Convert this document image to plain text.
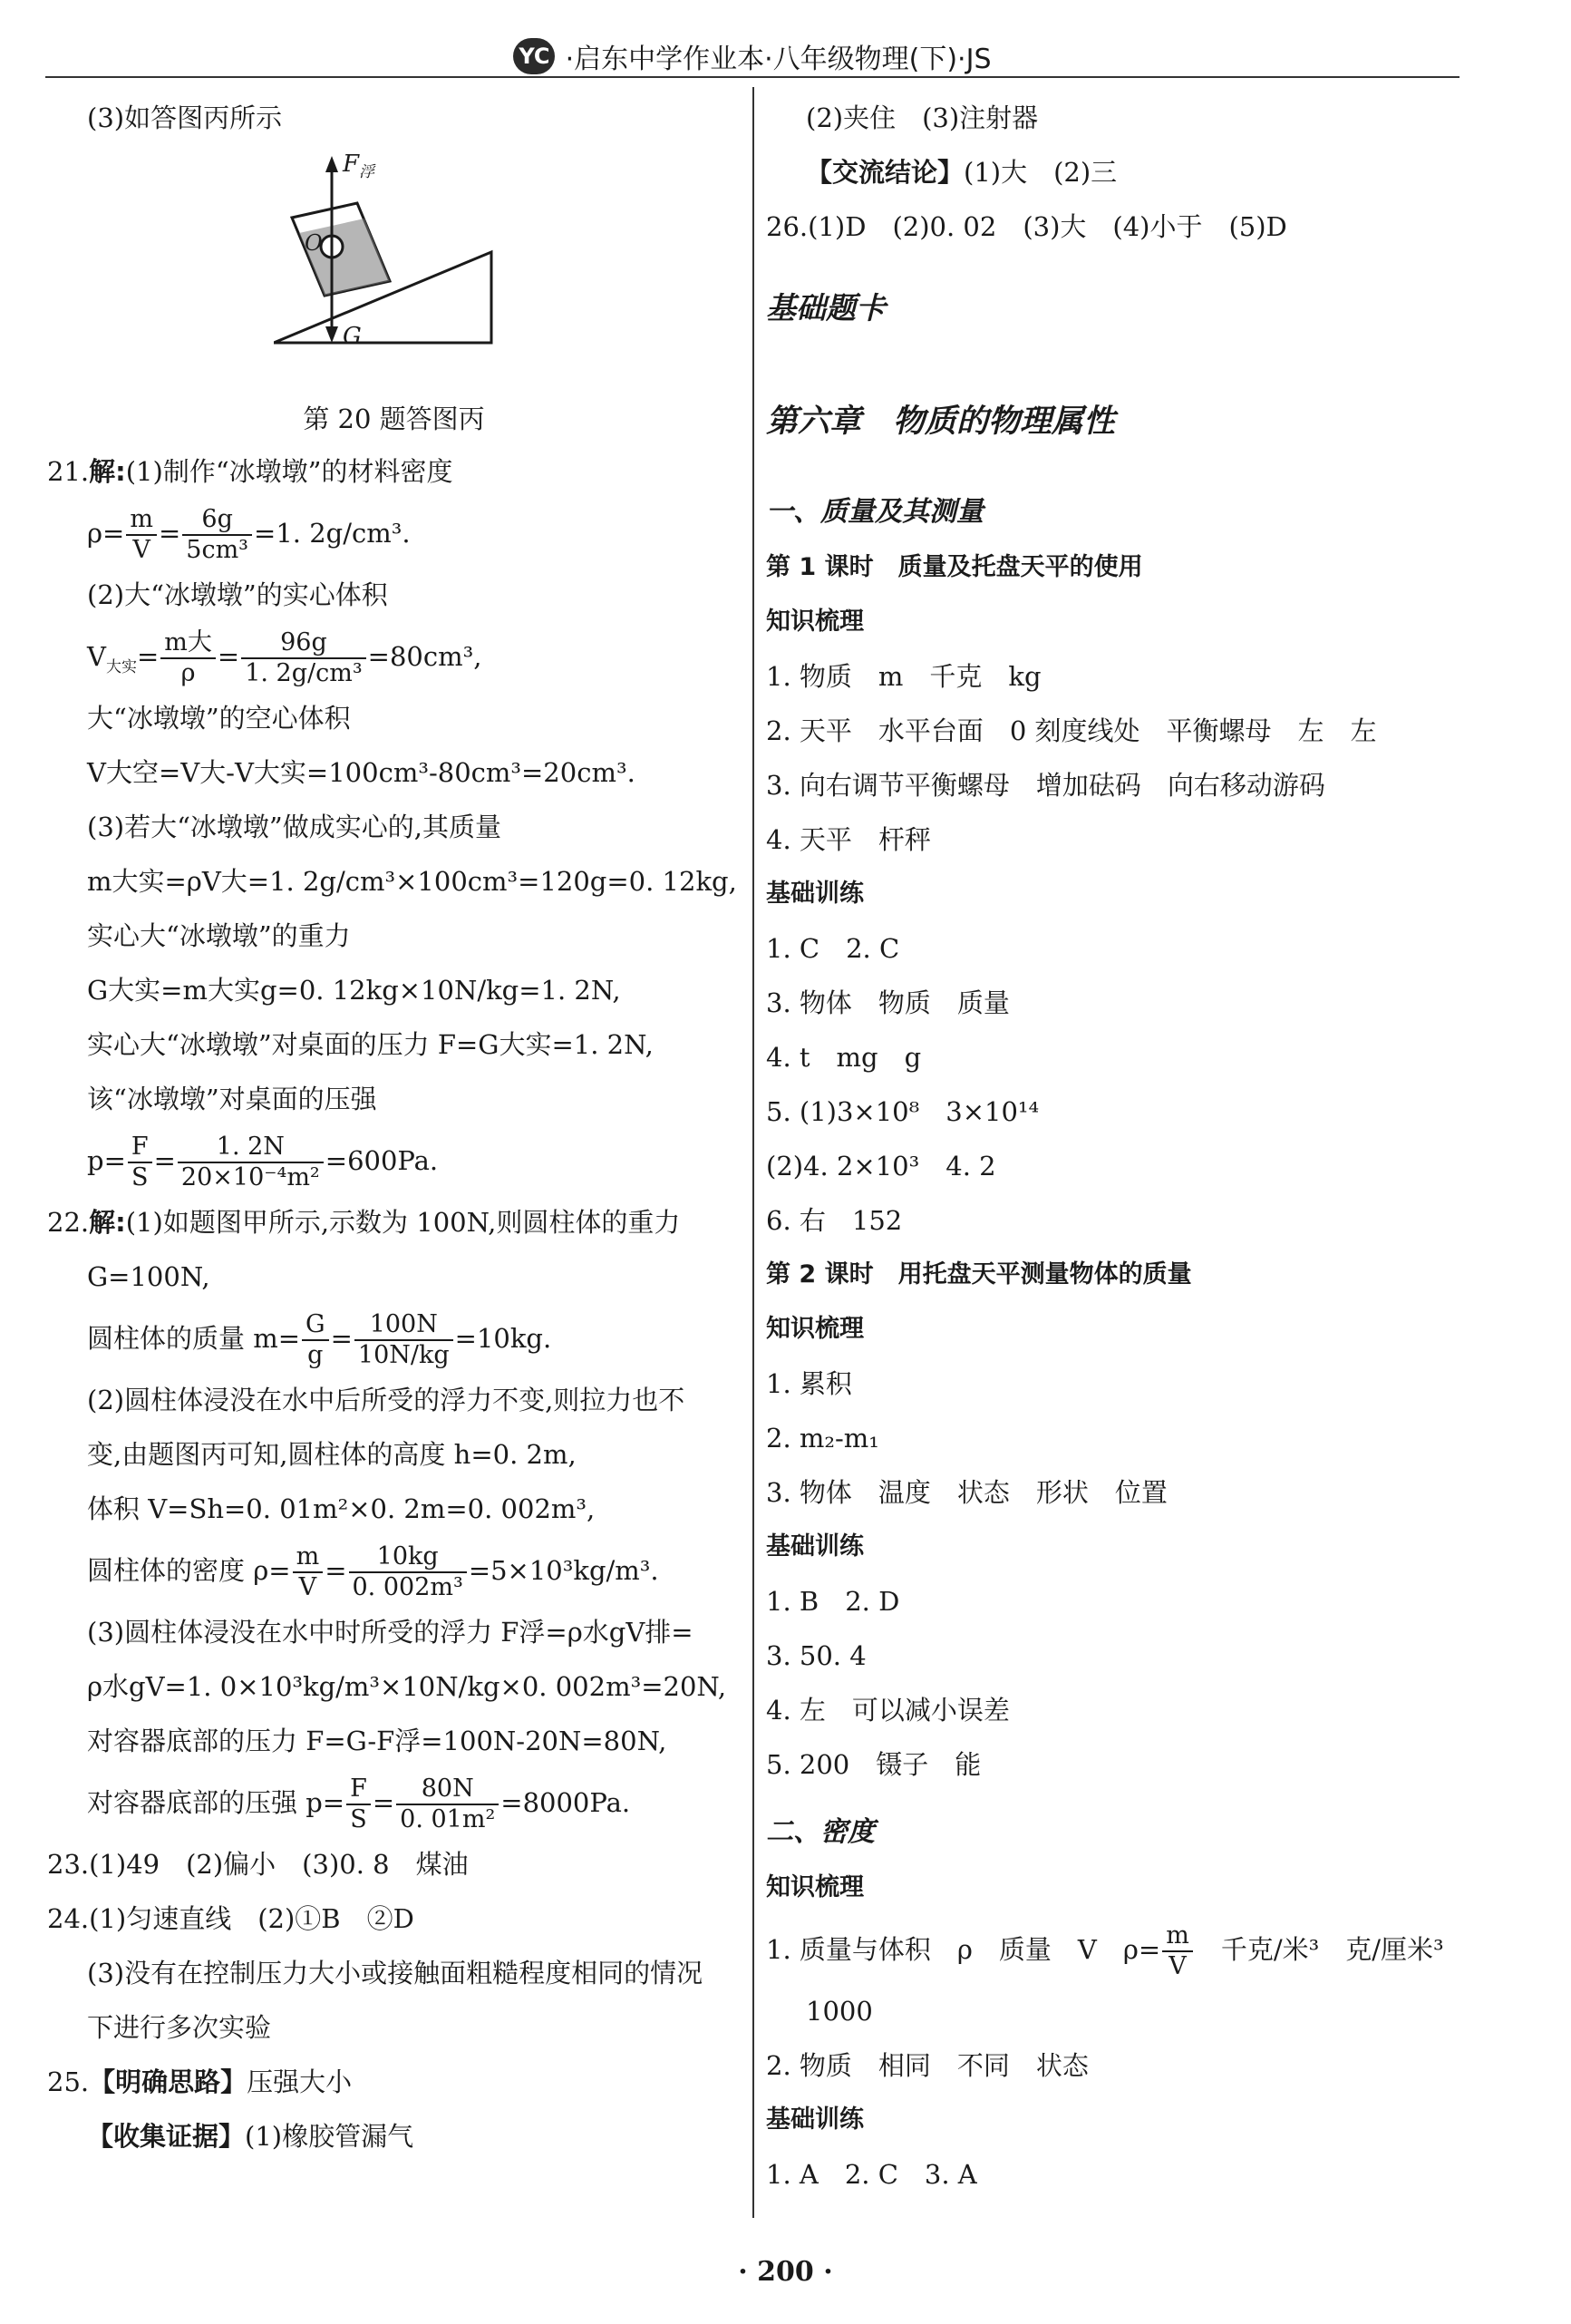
YC ·启东中学作业本·八年级物理(下)·JS
(3)如答图丙所示
$F_浮$
O
G
第 20 题答图丙
21.解:(1)制作“冰墩墩”的材料密度
$\rho= \frac{m}{V} = \frac{6g}{\text{5cm³}} =1$. 2g/cm³.
(2)大“冰墩墩”的实心体积
$V_{大实}= \frac{\text{m大}}{\rho} = \frac{96g}{\text{1. 2g/cm³}} =80cm^3$,
大“冰墩墩”的空心体积
V大空=V大-V大实=100cm³-80cm³=20cm³.
(3)若大“冰墩墩”做成实心的,其质量
m大实=ρV大=1. 2g/cm³×100cm³=120g=0. 12kg,
实心大“冰墩墩”的重力
G大实=m大实g=0. 12kg×10N/kg=1. 2N,
实心大“冰墩墩”对桌面的压力 F=G大实=1. 2N,
该“冰墩墩”对桌面的压强
$p= \frac{F}{S} = \frac{1. 2N}{\text{20×10⁻⁴m²}} =600Pa$.
22.解:(1)如题图甲所示,示数为 100N,则圆柱体的重力
G=100N,
圆柱体的质量 $m= \frac{G}{g} = \frac{100N}{10N/kg} =10kg$.
(2)圆柱体浸没在水中后所受的浮力不变,则拉力也不
变,由题图丙可知,圆柱体的高度 h=0. 2m,
体积 V=Sh=0. 01m²×0. 2m=0. 002m³,
圆柱体的密度 $\rho= \frac{m}{V} = \frac{10kg}{\text{0. 002m³}} =5\times 10^3kg/m^3$.
(3)圆柱体浸没在水中时所受的浮力 F浮=ρ水gV排=
ρ水gV=1. 0×10³kg/m³×10N/kg×0. 002m³=20N,
对容器底部的压力 F=G-F浮=100N-20N=80N,
对容器底部的压强 $p= \frac{F}{S} = \frac{80N}{\text{0. 01m²}} =8000Pa$.
23.(1)49　(2)偏小　(3)0. 8　煤油
24.(1)匀速直线　(2)①B　②D
(3)没有在控制压力大小或接触面粗糙程度相同的情况
下进行多次实验
25.【明确思路】压强大小
【收集证据】(1)橡胶管漏气
(2)夹住　(3)注射器
【交流结论】(1)大　(2)三
26.(1)D　(2)0. 02　(3)大　(4)小于　(5)D
基础题卡
第六章　物质的物理属性
一、质量及其测量
第 1 课时　质量及托盘天平的使用
知识梳理
1. 物质　m　千克　kg
2. 天平　水平台面　0 刻度线处　平衡螺母　左　左
3. 向右调节平衡螺母　增加砝码　向右移动游码
4. 天平　杆秤
基础训练
1. C　2. C
3. 物体　物质　质量
4. t　mg　g
5. (1)3×10⁸　3×10¹⁴
(2)4. 2×10³　4. 2
6. 右　152
第 2 课时　用托盘天平测量物体的质量
知识梳理
1. 累积
2. m₂-m₁
3. 物体　温度　状态　形状　位置
基础训练
1. B　2. D
3. 50. 4
4. 左　可以减小误差
5. 200　镊子　能
二、密度
知识梳理
1. 质量与体积　ρ　质量　V　$\rho= \frac{m}{V}$ 　千克/米³　克/厘米³
1000
2. 物质　相同　不同　状态
基础训练
1. A　2. C　3. A
· 200 ·
